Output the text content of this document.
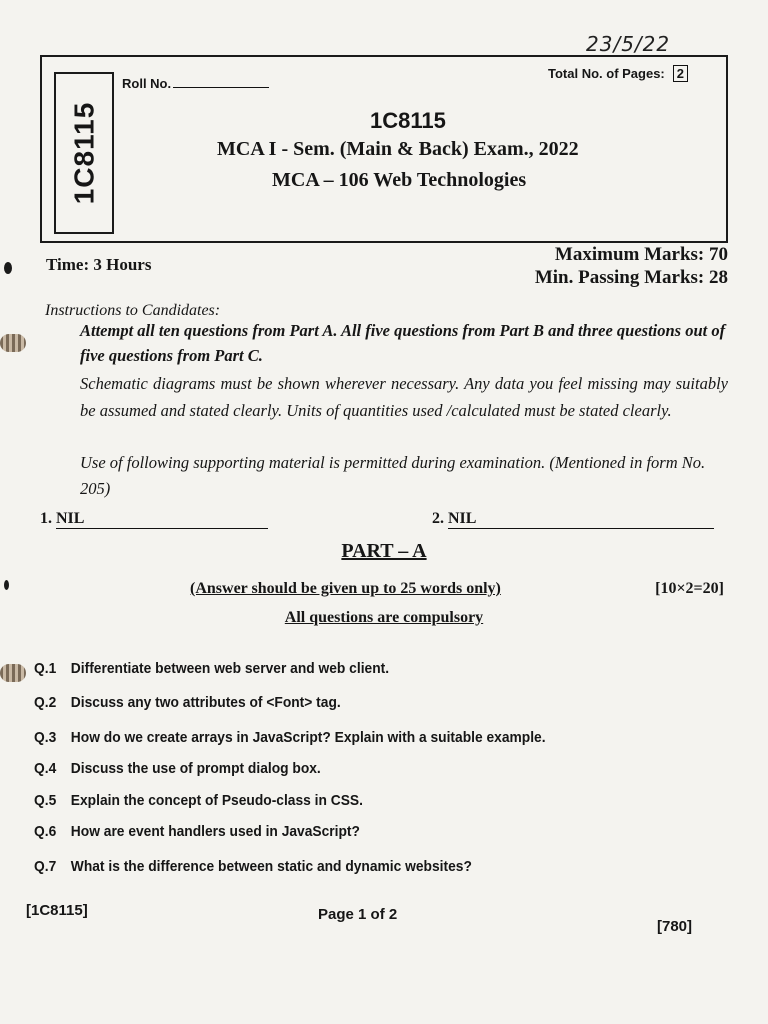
23/5/22
1C8115
Roll No.
Total No. of Pages: 2
1C8115
MCA I - Sem. (Main & Back) Exam., 2022
MCA – 106 Web Technologies
Time: 3 Hours	Maximum Marks: 70
Min. Passing Marks: 28
Instructions to Candidates:
Attempt all ten questions from Part A. All five questions from Part B and three questions out of five questions from Part C.
Schematic diagrams must be shown wherever necessary. Any data you feel missing may suitably be assumed and stated clearly. Units of quantities used /calculated must be stated clearly.
Use of following supporting material is permitted during examination. (Mentioned in form No. 205)
1. NIL	2. NIL
PART – A
(Answer should be given up to 25 words only)	[10×2=20]
All questions are compulsory
Q.1 Differentiate between web server and web client.
Q.2 Discuss any two attributes of <Font> tag.
Q.3 How do we create arrays in JavaScript? Explain with a suitable example.
Q.4 Discuss the use of prompt dialog box.
Q.5 Explain the concept of Pseudo-class in CSS.
Q.6 How are event handlers used in JavaScript?
Q.7 What is the difference between static and dynamic websites?
[1C8115]	Page 1 of 2
[780]
